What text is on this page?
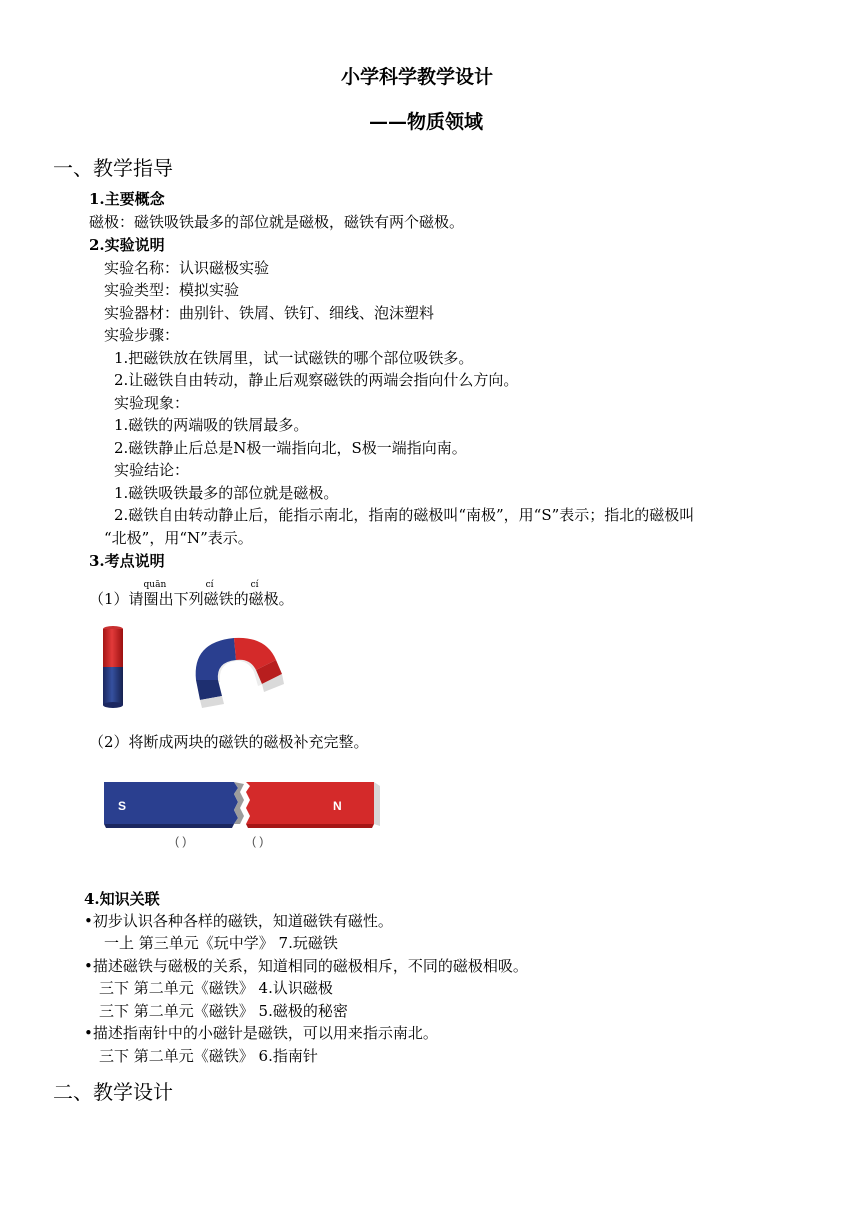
小学科学教学设计
——物质领域
一、教学指导
1.主要概念
磁极：磁铁吸铁最多的部位就是磁极，磁铁有两个磁极。
2.实验说明
实验名称：认识磁极实验
实验类型：模拟实验
实验器材：曲别针、铁屑、铁钉、细线、泡沫塑料
实验步骤：
1.把磁铁放在铁屑里，试一试磁铁的哪个部位吸铁多。
2.让磁铁自由转动，静止后观察磁铁的两端会指向什么方向。
实验现象：
1.磁铁的两端吸的铁屑最多。
2.磁铁静止后总是N极一端指向北，S极一端指向南。
实验结论：
1.磁铁吸铁最多的部位就是磁极。
2.磁铁自由转动静止后，能指示南北，指南的磁极叫“南极”，用“S”表示；指北的磁极叫
“北极”，用“N”表示。
3.考点说明
（1）请
quān
圈出下列
cí
磁铁的
cí
磁极。
（2）将断成两块的磁铁的磁极补充完整。
S	N
( )	( )
4.知识关联
•初步认识各种各样的磁铁，知道磁铁有磁性。
一上 第三单元《玩中学》 7.玩磁铁
•描述磁铁与磁极的关系，知道相同的磁极相斥，不同的磁极相吸。
三下 第二单元《磁铁》 4.认识磁极
三下 第二单元《磁铁》 5.磁极的秘密
•描述指南针中的小磁针是磁铁，可以用来指示南北。
三下 第二单元《磁铁》 6.指南针
二、教学设计
